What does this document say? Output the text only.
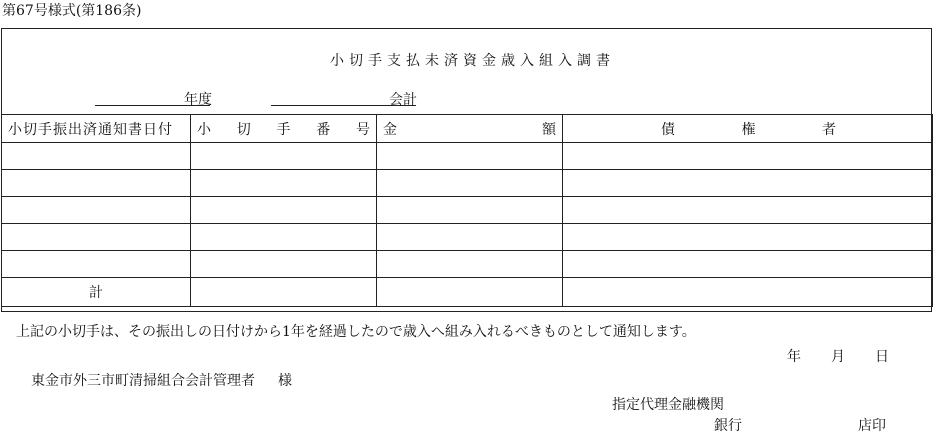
第67号様式(第186条)
小切手支払未済資金歳入組入調書
年度	会計
小切手振出済通知書日付	小 切 手 番 号	金 額	債 権 者

計			
上記の小切手は、その振出しの日付けから1年を経過したので歳入へ組み入れるべきものとして通知します。
年 月 日
東金市外三市町清掃組合会計管理者 様
指定代理金融機関
銀行	店印
